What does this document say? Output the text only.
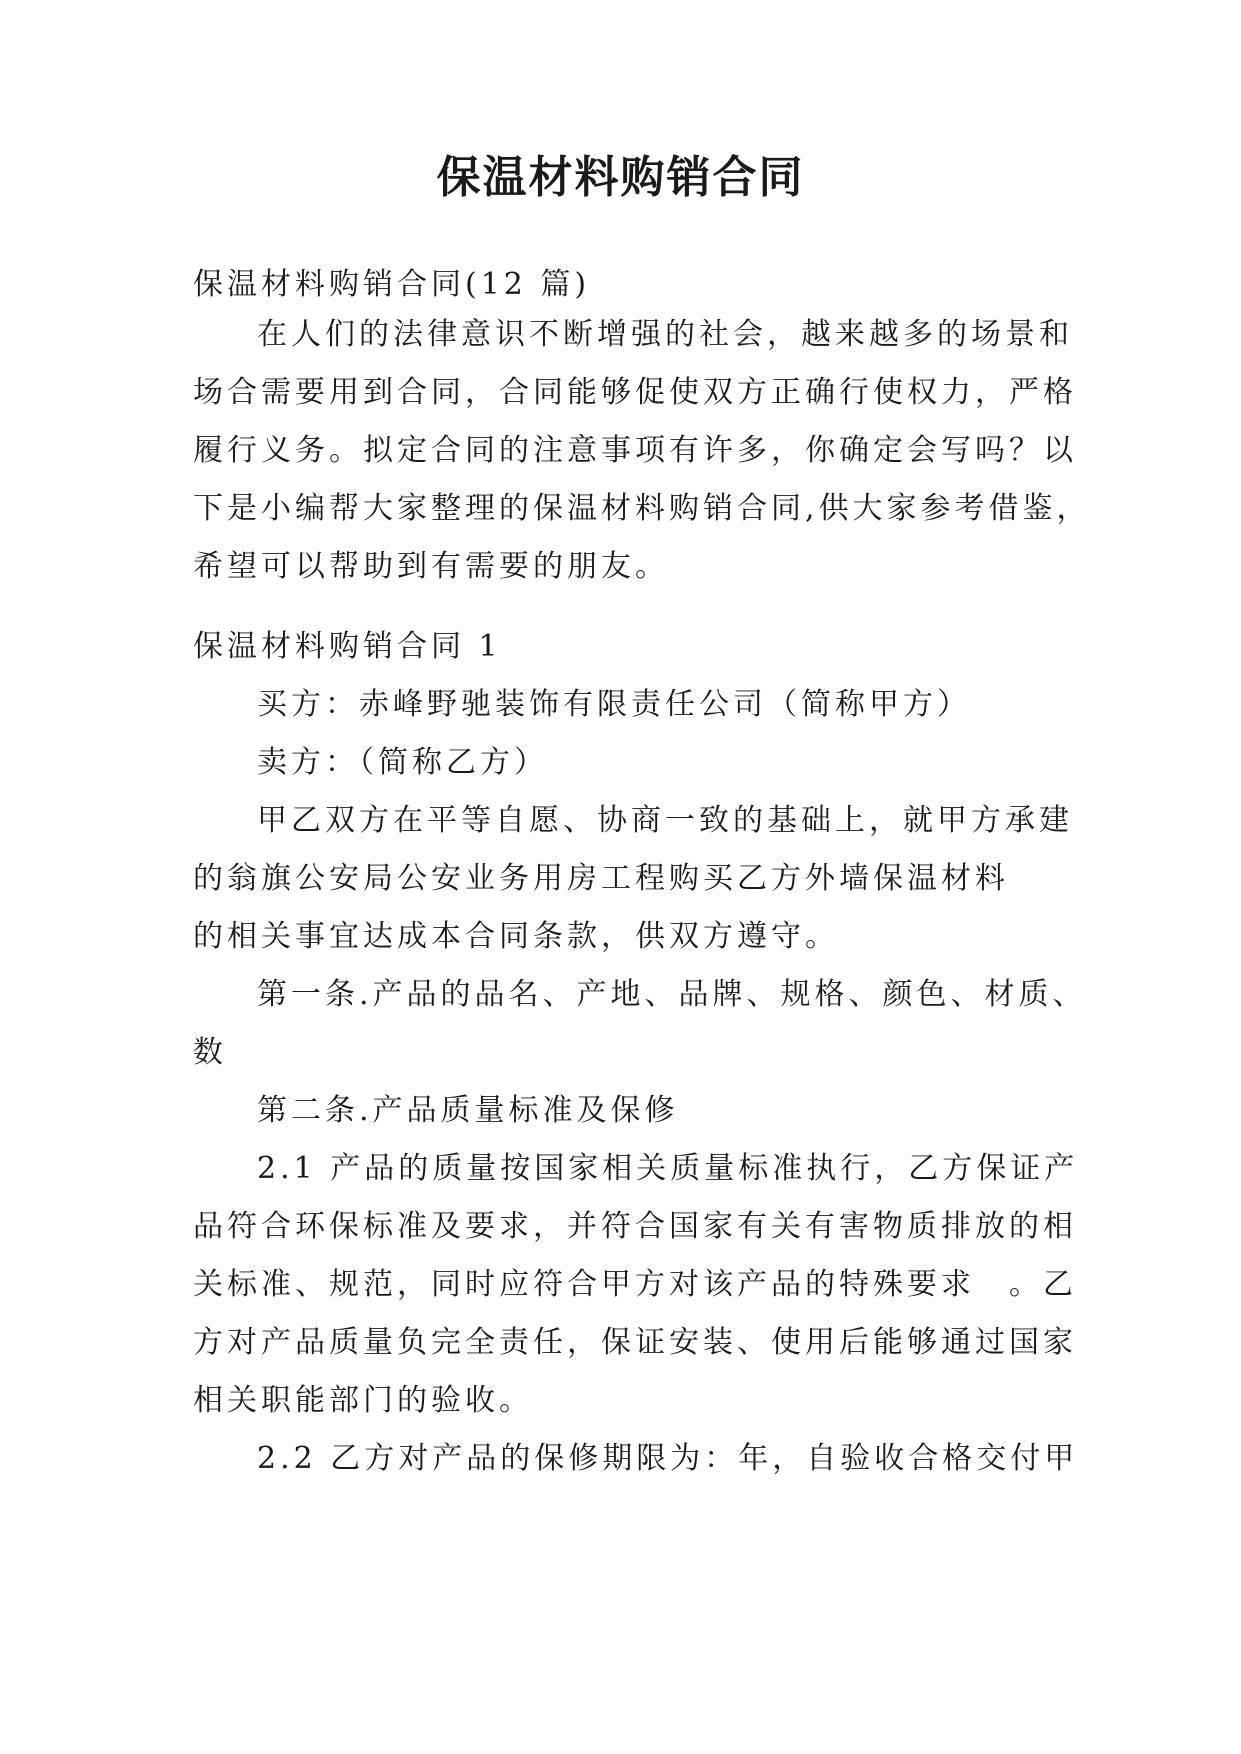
保温材料购销合同
保温材料购销合同(12 篇)
在人们的法律意识不断增强的社会，越来越多的场景和
场合需要用到合同，合同能够促使双方正确行使权力，严格
履行义务。拟定合同的注意事项有许多，你确定会写吗？以
下是小编帮大家整理的保温材料购销合同,供大家参考借鉴，
希望可以帮助到有需要的朋友。
保温材料购销合同 1
买方：赤峰野驰装饰有限责任公司（简称甲方）
卖方：（简称乙方）
甲乙双方在平等自愿、协商一致的基础上，就甲方承建
的翁旗公安局公安业务用房工程购买乙方外墙保温材料
的相关事宜达成本合同条款，供双方遵守。
第一条.产品的品名、产地、品牌、规格、颜色、材质、
数
第二条.产品质量标准及保修
2.1 产品的质量按国家相关质量标准执行，乙方保证产
品符合环保标准及要求，并符合国家有关有害物质排放的相
关标准、规范，同时应符合甲方对该产品的特殊要求　。乙
方对产品质量负完全责任，保证安装、使用后能够通过国家
相关职能部门的验收。
2.2 乙方对产品的保修期限为：年，自验收合格交付甲
